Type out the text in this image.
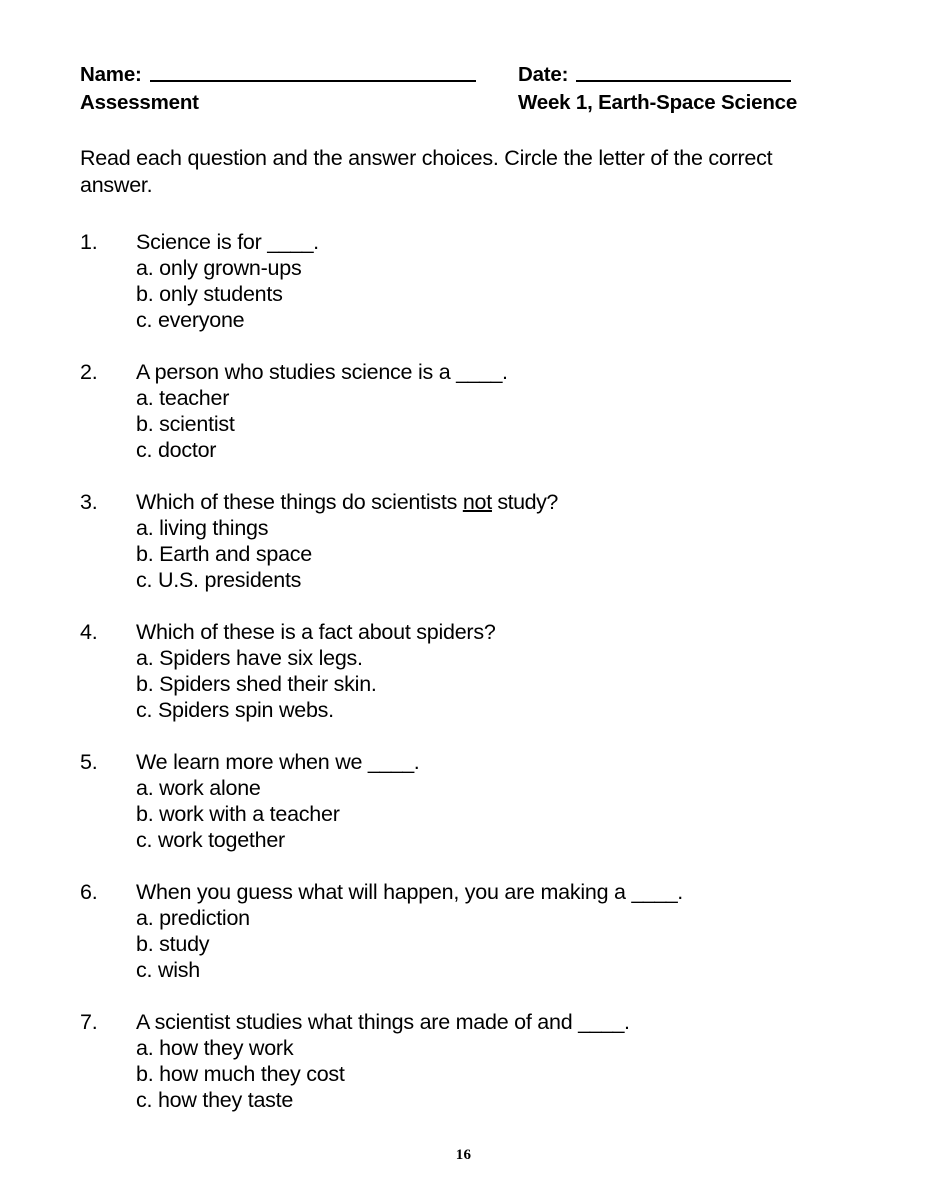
Name:	Date:
Assessment	Week 1, Earth-Space Science
Read each question and the answer choices. Circle the letter of the correct answer.
1.	Science is for ____.
a. only grown-ups
b. only students
c. everyone
2.	A person who studies science is a ____.
a. teacher
b. scientist
c. doctor
3.	Which of these things do scientists not study?
a. living things
b. Earth and space
c. U.S. presidents
4.	Which of these is a fact about spiders?
a. Spiders have six legs.
b. Spiders shed their skin.
c. Spiders spin webs.
5.	We learn more when we ____.
a. work alone
b. work with a teacher
c. work together
6.	When you guess what will happen, you are making a ____.
a. prediction
b. study
c. wish
7.	A scientist studies what things are made of and ____.
a. how they work
b. how much they cost
c. how they taste
16
